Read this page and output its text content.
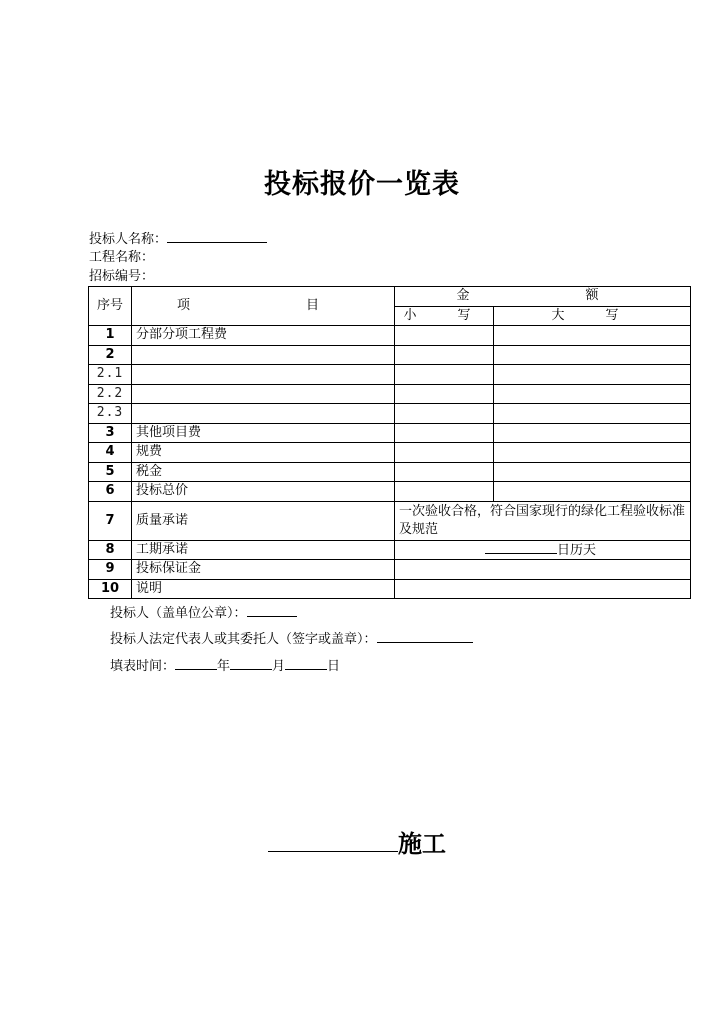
投标报价一览表
投标人名称：
工程名称：
招标编号：
序号	项　　目	金　　额	
		小　写	大　写
1	分部分项工程费		
2			
2.1			
2.2			
2.3			
3	其他项目费		
4	规费		
5	税金		
6	投标总价		
7	质量承诺	一次验收合格，符合国家现行的绿化工程验收标准及规范	
8	工期承诺	日历天	
9	投标保证金		
10	说明		
投标人（盖单位公章）：
投标人法定代表人或其委托人（签字或盖章）：
填表时间：	年	月	日
施工
